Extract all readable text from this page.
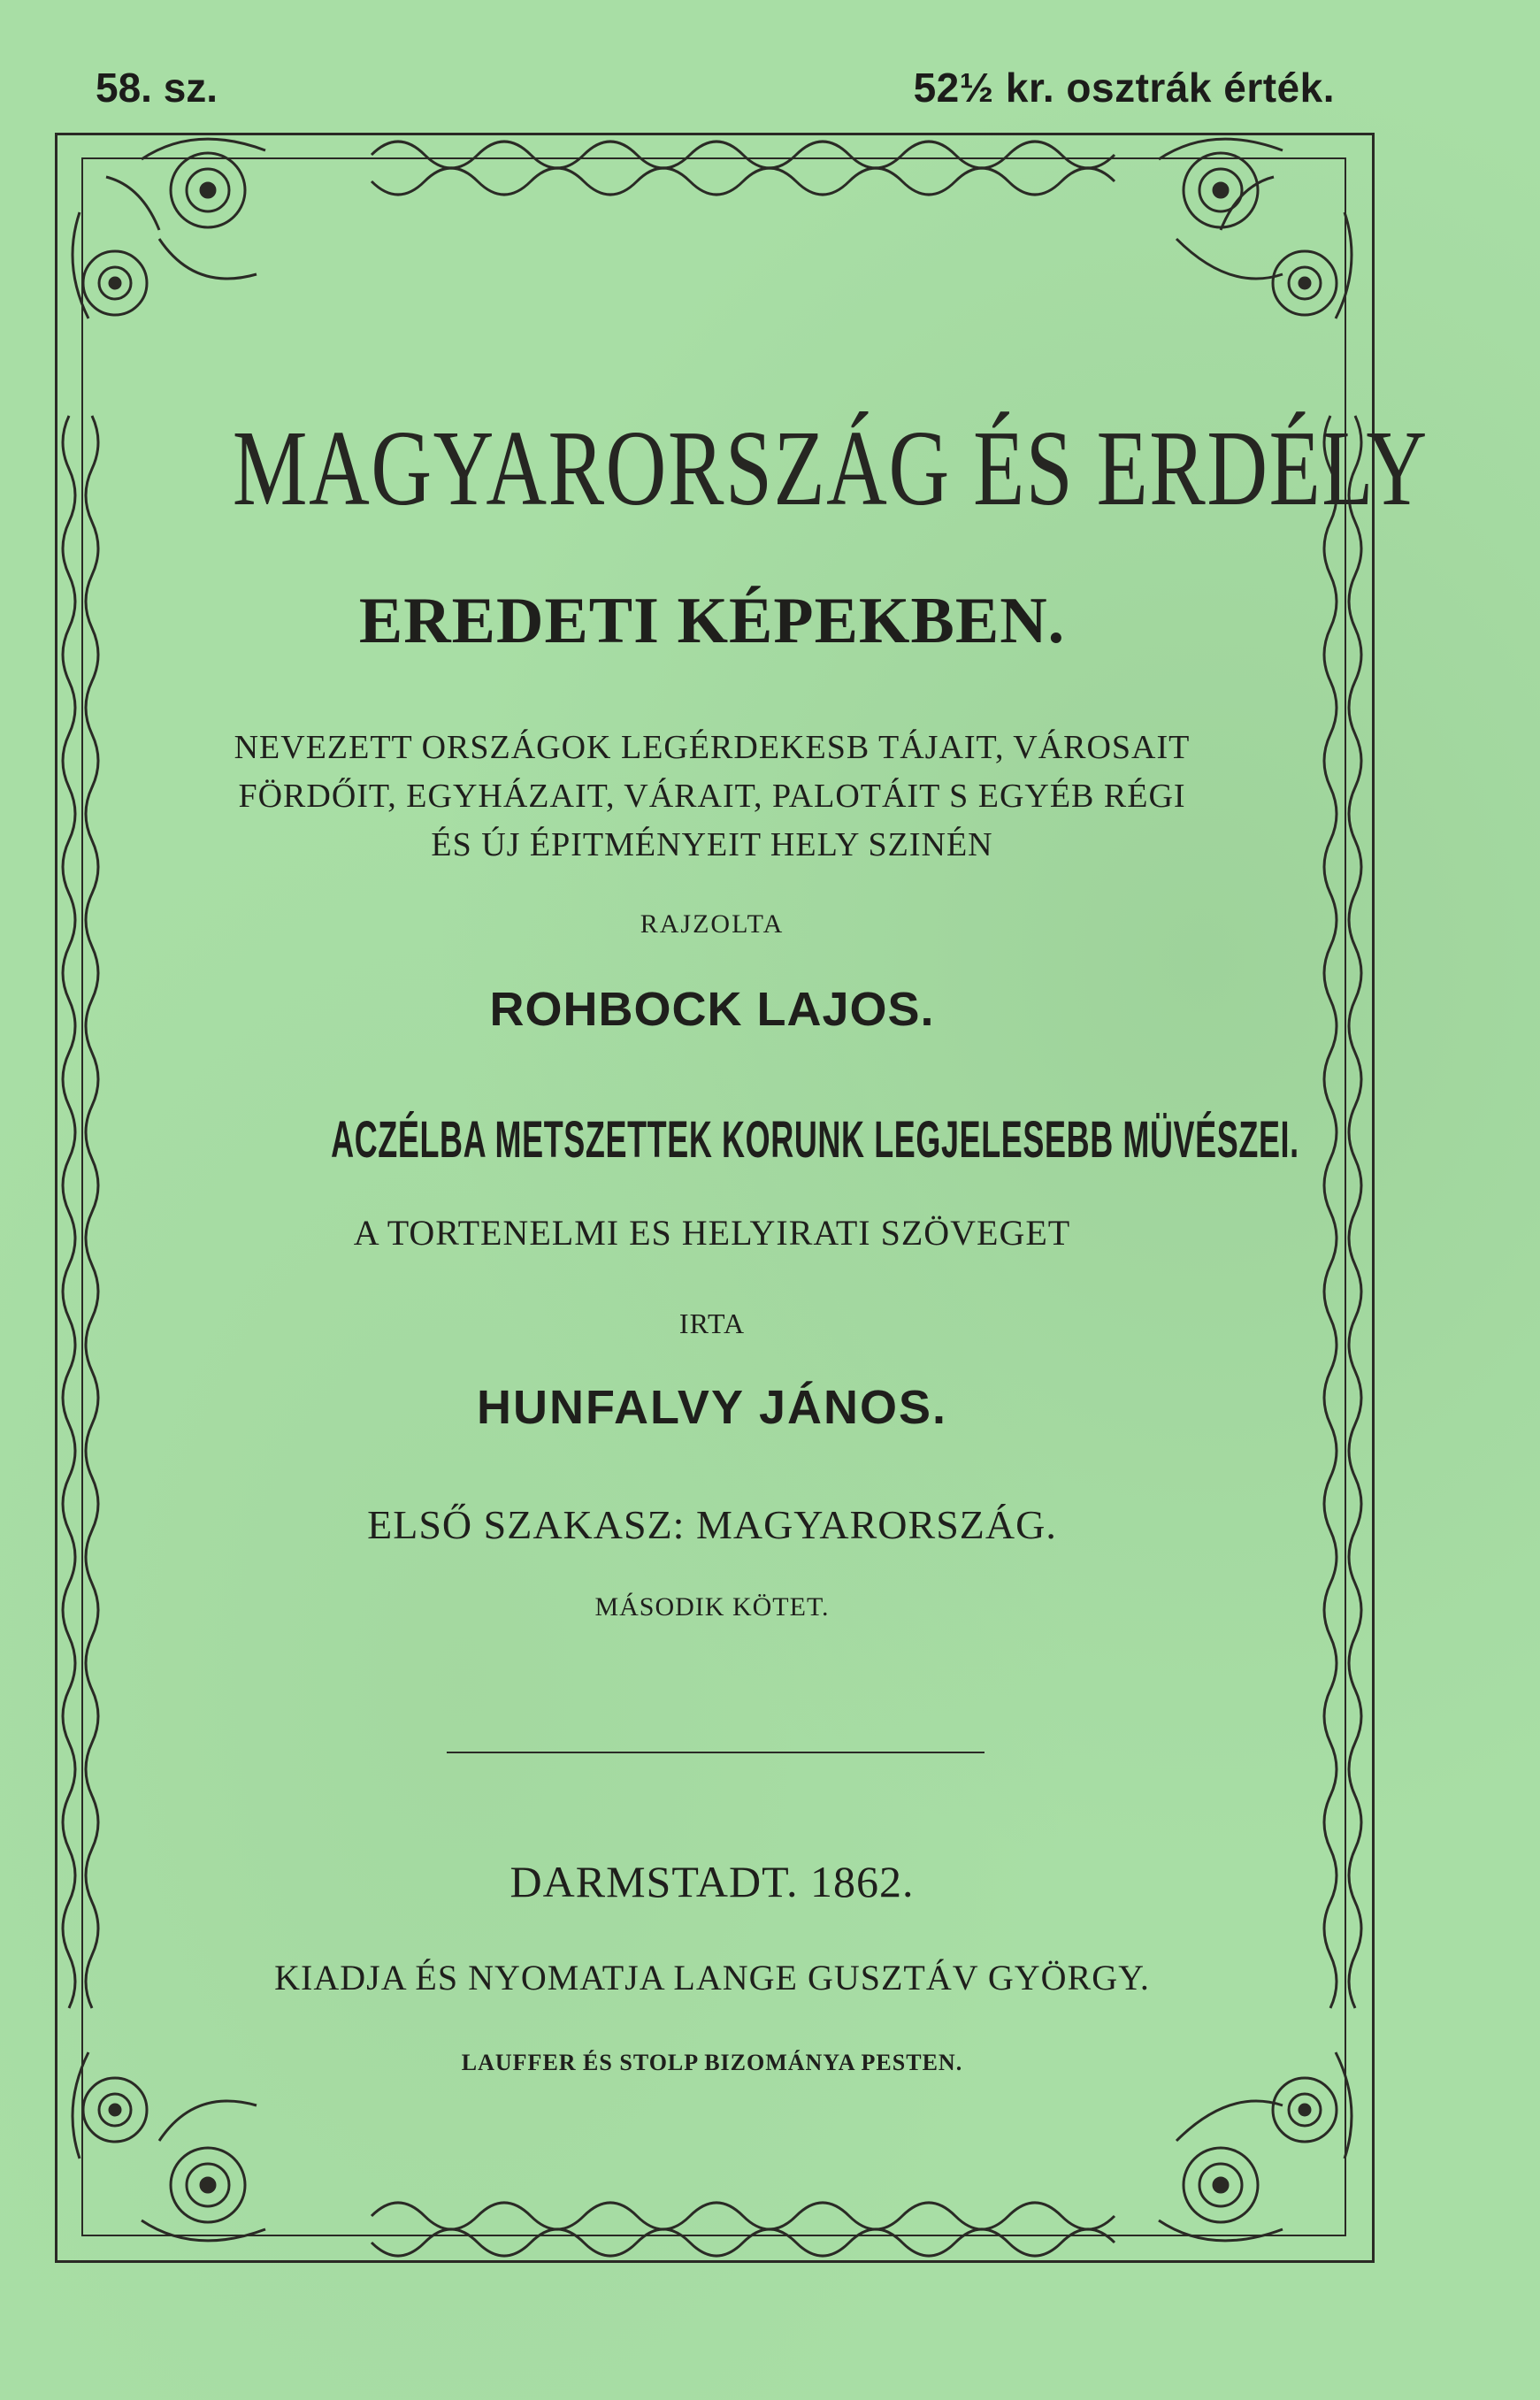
58. sz.	52½ kr. osztrák érték.
MAGYARORSZÁG ÉS ERDÉLY
EREDETI KÉPEKBEN.
NEVEZETT ORSZÁGOK LEGÉRDEKESB TÁJAIT, VÁROSAIT
FÖRDŐIT, EGYHÁZAIT, VÁRAIT, PALOTÁIT S EGYÉB RÉGI
ÉS ÚJ ÉPITMÉNYEIT HELY SZINÉN
RAJZOLTA
ROHBOCK LAJOS.
ACZÉLBA METSZETTEK KORUNK LEGJELESEBB MÜVÉSZEI.
A TORTENELMI ES HELYIRATI SZÖVEGET
IRTA
HUNFALVY JÁNOS.
ELSŐ SZAKASZ: MAGYARORSZÁG.
MÁSODIK KÖTET.
DARMSTADT. 1862.
KIADJA ÉS NYOMATJA LANGE GUSZTÁV GYÖRGY.
LAUFFER ÉS STOLP BIZOMÁNYA PESTEN.
